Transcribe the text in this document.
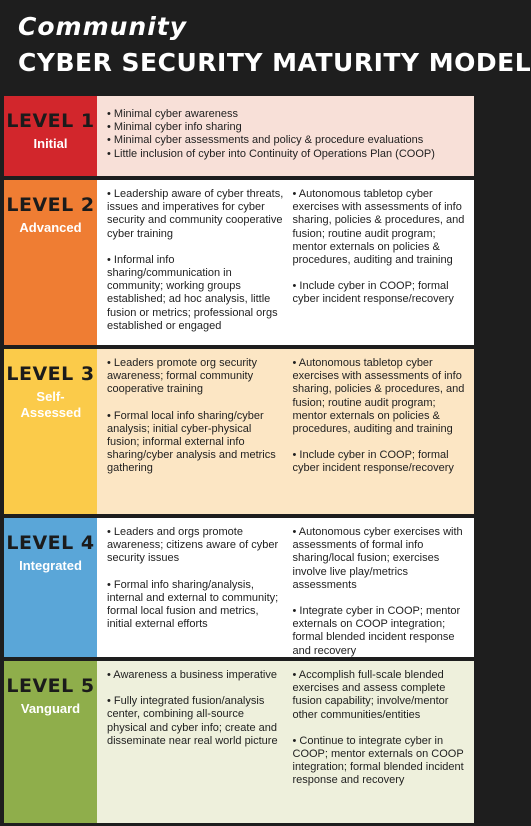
Community
CYBER SECURITY MATURITY MODEL
LEVEL 1
Initial
• Minimal cyber awareness
• Minimal cyber info sharing
• Minimal cyber assessments and policy & procedure evaluations
• Little inclusion of cyber into Continuity of Operations Plan (COOP)
LEVEL 2
Advanced
• Leadership aware of cyber threats, issues and imperatives for cyber security and community cooperative cyber training
• Informal info sharing/communication in community; working groups established; ad hoc analysis, little fusion or metrics; professional orgs established or engaged
• Autonomous tabletop cyber exercises with assessments of info sharing, policies & procedures, and fusion; routine audit program; mentor externals on policies & procedures, auditing and training
• Include cyber in COOP; formal cyber incident response/recovery
LEVEL 3
Self-Assessed
• Leaders promote org security awareness; formal community cooperative training
• Formal local info sharing/cyber analysis; initial cyber-physical fusion; informal external info sharing/cyber analysis and metrics gathering
• Autonomous tabletop cyber exercises with assessments of info sharing, policies & procedures, and fusion; routine audit program; mentor externals on policies & procedures, auditing and training
• Include cyber in COOP; formal cyber incident response/recovery
LEVEL 4
Integrated
• Leaders and orgs promote awareness; citizens aware of cyber security issues
• Formal info sharing/analysis, internal and external to community; formal local fusion and metrics, initial external efforts
• Autonomous cyber exercises with assessments of formal info sharing/local fusion; exercises involve live play/metrics assessments
• Integrate cyber in COOP; mentor externals on COOP integration; formal blended incident response and recovery
LEVEL 5
Vanguard
• Awareness a business imperative
• Fully integrated fusion/analysis center, combining all-source physical and cyber info; create and disseminate near real world picture
• Accomplish full-scale blended exercises and assess complete fusion capability; involve/mentor other communities/entities
• Continue to integrate cyber in COOP; mentor externals on COOP integration; formal blended incident response and recovery
